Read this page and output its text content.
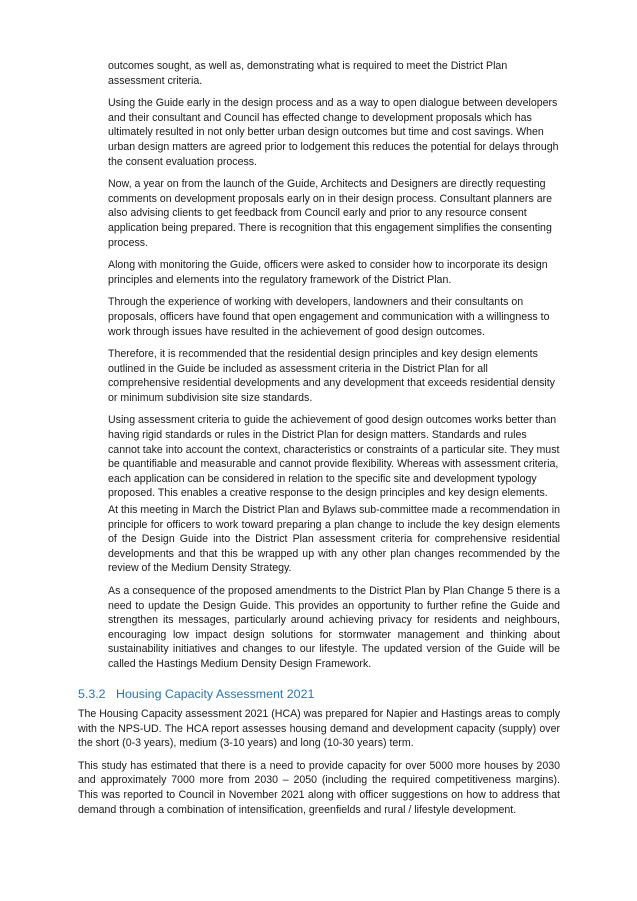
outcomes sought, as well as, demonstrating what is required to meet the District Plan assessment criteria.

Using the Guide early in the design process and as a way to open dialogue between developers and their consultant and Council has effected change to development proposals which has ultimately resulted in not only better urban design outcomes but time and cost savings. When urban design matters are agreed prior to lodgement this reduces the potential for delays through the consent evaluation process.

Now, a year on from the launch of the Guide, Architects and Designers are directly requesting comments on development proposals early on in their design process. Consultant planners are also advising clients to get feedback from Council early and prior to any resource consent application being prepared. There is recognition that this engagement simplifies the consenting process.

Along with monitoring the Guide, officers were asked to consider how to incorporate its design principles and elements into the regulatory framework of the District Plan.

Through the experience of working with developers, landowners and their consultants on proposals, officers have found that open engagement and communication with a willingness to work through issues have resulted in the achievement of good design outcomes.

Therefore, it is recommended that the residential design principles and key design elements outlined in the Guide be included as assessment criteria in the District Plan for all comprehensive residential developments and any development that exceeds residential density or minimum subdivision site size standards.

Using assessment criteria to guide the achievement of good design outcomes works better than having rigid standards or rules in the District Plan for design matters. Standards and rules cannot take into account the context, characteristics or constraints of a particular site. They must be quantifiable and measurable and cannot provide flexibility. Whereas with assessment criteria, each application can be considered in relation to the specific site and development typology proposed. This enables a creative response to the design principles and key design elements.

At this meeting in March the District Plan and Bylaws sub-committee made a recommendation in principle for officers to work toward preparing a plan change to include the key design elements of the Design Guide into the District Plan assessment criteria for comprehensive residential developments and that this be wrapped up with any other plan changes recommended by the review of the Medium Density Strategy.

As a consequence of the proposed amendments to the District Plan by Plan Change 5 there is a need to update the Design Guide. This provides an opportunity to further refine the Guide and strengthen its messages, particularly around achieving privacy for residents and neighbours, encouraging low impact design solutions for stormwater management and thinking about sustainability initiatives and changes to our lifestyle. The updated version of the Guide will be called the Hastings Medium Density Design Framework.

5.3.2 Housing Capacity Assessment 2021

The Housing Capacity assessment 2021 (HCA) was prepared for Napier and Hastings areas to comply with the NPS-UD. The HCA report assesses housing demand and development capacity (supply) over the short (0-3 years), medium (3-10 years) and long (10-30 years) term.

This study has estimated that there is a need to provide capacity for over 5000 more houses by 2030 and approximately 7000 more from 2030 – 2050 (including the required competitiveness margins). This was reported to Council in November 2021 along with officer suggestions on how to address that demand through a combination of intensification, greenfields and rural / lifestyle development.
